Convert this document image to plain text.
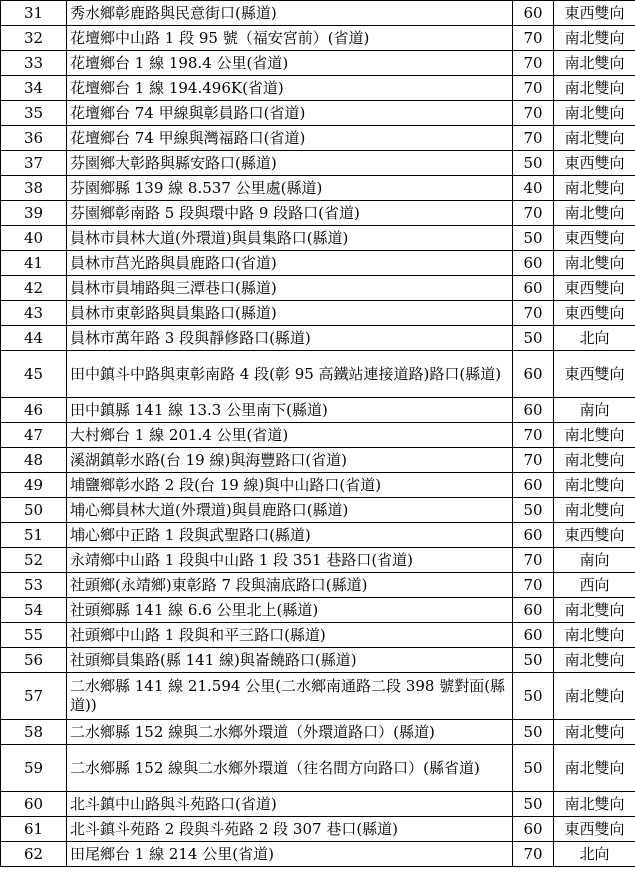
31	秀水鄉彰鹿路與民意街口(縣道)	60	東西雙向
32	花壇鄉中山路 1 段 95 號（福安宮前）(省道)	70	南北雙向
33	花壇鄉台 1 線 198.4 公里(省道)	70	南北雙向
34	花壇鄉台 1 線 194.496K(省道)	70	南北雙向
35	花壇鄉台 74 甲線與彰員路口(省道)	70	南北雙向
36	花壇鄉台 74 甲線與灣福路口(省道)	70	南北雙向
37	芬園鄉大彰路與縣安路口(縣道)	50	東西雙向
38	芬園鄉縣 139 線 8.537 公里處(縣道)	40	南北雙向
39	芬園鄉彰南路 5 段與環中路 9 段路口(省道)	70	南北雙向
40	員林市員林大道(外環道)與員集路口(縣道)	50	東西雙向
41	員林市莒光路與員鹿路口(省道)	60	南北雙向
42	員林市員埔路與三潭巷口(縣道)	60	東西雙向
43	員林市東彰路與員集路口(縣道)	70	東西雙向
44	員林市萬年路 3 段與靜修路口(縣道)	50	北向
45	田中鎮斗中路與東彰南路 4 段(彰 95 高鐵站連接道路)路口(縣道)	60	東西雙向
46	田中鎮縣 141 線 13.3 公里南下(縣道)	60	南向
47	大村鄉台 1 線 201.4 公里(省道)	70	南北雙向
48	溪湖鎮彰水路(台 19 線)與海豐路口(省道)	70	南北雙向
49	埔鹽鄉彰水路 2 段(台 19 線)與中山路口(省道)	60	南北雙向
50	埔心鄉員林大道(外環道)與員鹿路口(縣道)	50	南北雙向
51	埔心鄉中正路 1 段與武聖路口(縣道)	60	東西雙向
52	永靖鄉中山路 1 段與中山路 1 段 351 巷路口(省道)	70	南向
53	社頭鄉(永靖鄉)東彰路 7 段與湳底路口(縣道)	70	西向
54	社頭鄉縣 141 線 6.6 公里北上(縣道)	60	南北雙向
55	社頭鄉中山路 1 段與和平三路口(縣道)	60	南北雙向
56	社頭鄉員集路(縣 141 線)與崙饒路口(縣道)	50	南北雙向
57	二水鄉縣 141 線 21.594 公里(二水鄉南通路二段 398 號對面(縣道))	50	南北雙向
58	二水鄉縣 152 線與二水鄉外環道（外環道路口）(縣道)	50	南北雙向
59	二水鄉縣 152 線與二水鄉外環道（往名間方向路口）(縣省道)	50	南北雙向
60	北斗鎮中山路與斗苑路口(省道)	50	南北雙向
61	北斗鎮斗苑路 2 段與斗苑路 2 段 307 巷口(縣道)	60	東西雙向
62	田尾鄉台 1 線 214 公里(省道)	70	北向
